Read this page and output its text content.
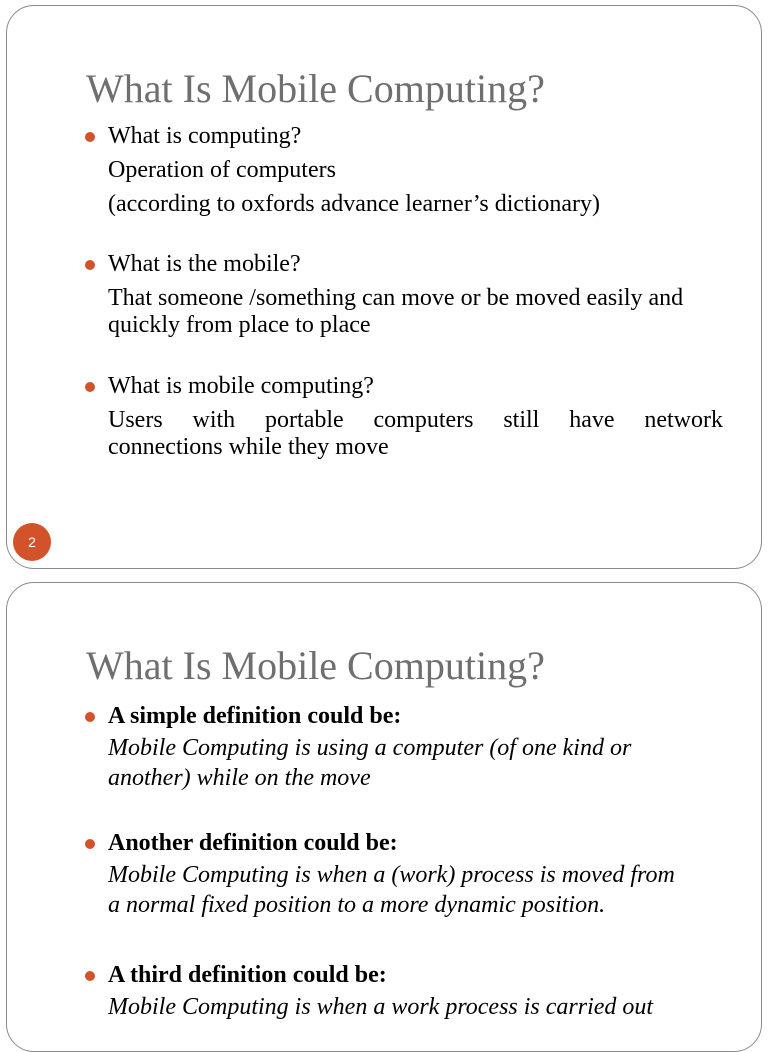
What Is Mobile Computing?
What is computing?
Operation of computers
(according to oxfords advance learner’s dictionary)
What is the mobile?
That someone /something can move or be moved easily and
quickly from place to place
What is mobile computing?
Users with portable computers still have network
connections while they move
2
What Is Mobile Computing?
A simple definition could be:
Mobile Computing is using a computer (of one kind or
another) while on the move
Another definition could be:
Mobile Computing is when a (work) process is moved from
a normal fixed position to a more dynamic position.
A third definition could be:
Mobile Computing is when a work process is carried out
